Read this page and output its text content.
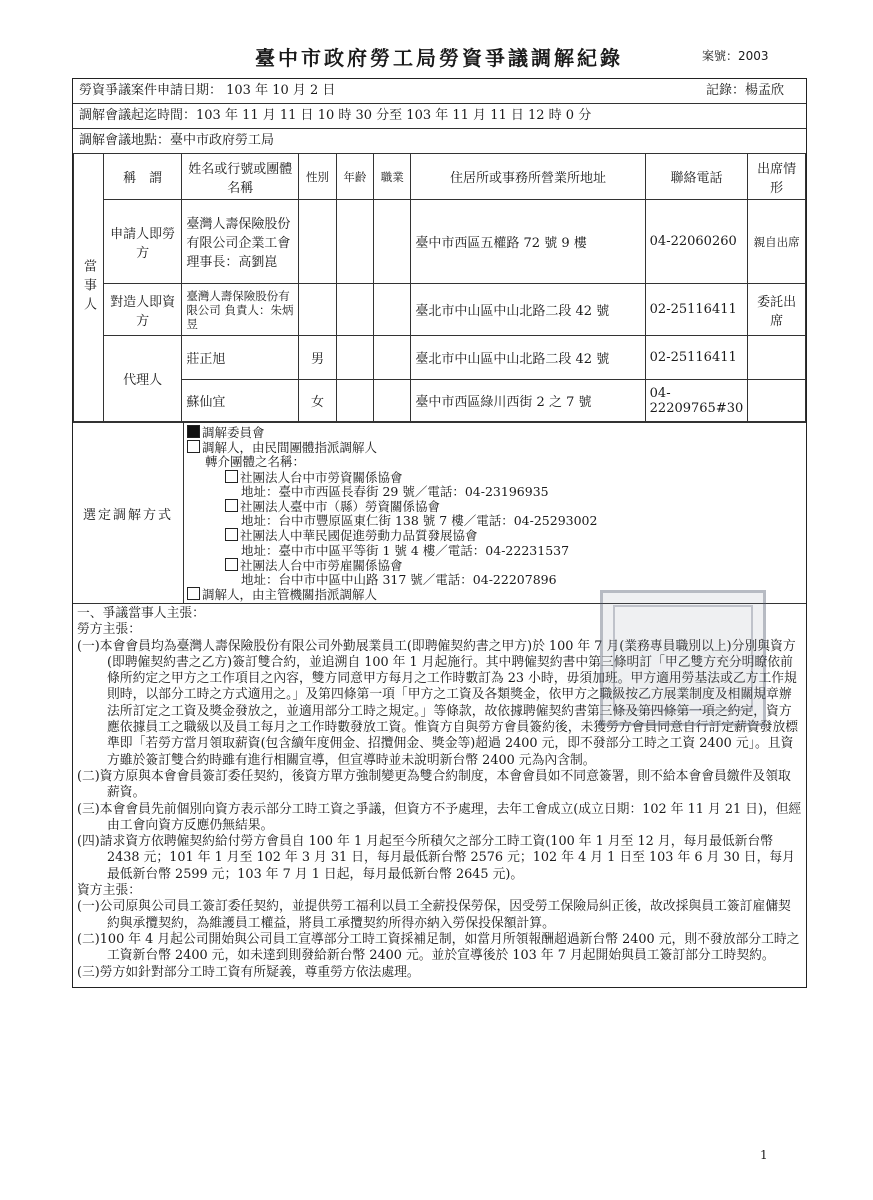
臺中市政府勞工局勞資爭議調解紀錄	案號：2003
勞資爭議案件申請日期： 103 年 10 月 2 日	記錄：楊孟欣
調解會議起迄時間：103 年 11 月 11 日 10 時 30 分至 103 年 11 月 11 日 12 時 0 分
調解會議地點：臺中市政府勞工局
當事人	稱　謂	姓名或行號或團體名稱	性別	年齡	職業	住居所或事務所營業所地址	聯絡電話	出席情形
	申請人即勞方	臺灣人壽保險股份有限公司企業工會 理事長：高劉崑				臺中市西區五權路 72 號 9 樓	04-22060260	親自出席
	對造人即資方	臺灣人壽保險股份有限公司 負責人：朱炳昱				臺北市中山區中山北路二段 42 號	02-25116411	委託出席
	代理人	莊正旭	男			臺北市中山區中山北路二段 42 號	02-25116411	
		蘇仙宜	女			臺中市西區綠川西街 2 之 7 號	04-22209765#30	
選定調解方式
調解委員會
調解人，由民間團體指派調解人
轉介團體之名稱：
社團法人台中市勞資關係協會
地址：臺中市西區長春街 29 號／電話：04-23196935
社團法人臺中市（縣）勞資關係協會
地址：台中市豐原區東仁街 138 號 7 樓／電話：04-25293002
社團法人中華民國促進勞動力品質發展協會
地址：臺中市中區平等街 1 號 4 樓／電話：04-22231537
社團法人台中市勞雇關係協會
地址：台中市中區中山路 317 號／電話：04-22207896
調解人，由主管機關指派調解人
一、爭議當事人主張：
勞方主張：
(一)本會會員均為臺灣人壽保險股份有限公司外勤展業員工(即聘僱契約書之甲方)於 100 年 7 月(業務專員職別以上)分別與資方(即聘僱契約書之乙方)簽訂雙合約，並追溯自 100 年 1 月起施行。其中聘僱契約書中第三條明訂「甲乙雙方充分明瞭依前條所約定之甲方之工作項目之內容，雙方同意甲方每月之工作時數訂為 23 小時，毋須加班。甲方適用勞基法或乙方工作規則時，以部分工時之方式適用之。」及第四條第一項「甲方之工資及各類獎金，依甲方之職級按乙方展業制度及相關規章辦法所訂定之工資及獎金發放之，並適用部分工時之規定。」等條款，故依據聘僱契約書第三條及第四條第一項之約定，資方應依據員工之職級以及員工每月之工作時數發放工資。惟資方自與勞方會員簽約後，未獲勞方會員同意自行訂定薪資發放標準即「若勞方當月領取薪資(包含續年度佣金、招攬佣金、獎金等)超過 2400 元，即不發部分工時之工資 2400 元」。且資方雖於簽訂雙合約時雖有進行相關宣導，但宣導時並未說明新台幣 2400 元為內含制。
(二)資方原與本會會員簽訂委任契約，後資方單方強制變更為雙合約制度，本會會員如不同意簽署，則不給本會會員繳件及領取薪資。
(三)本會會員先前個別向資方表示部分工時工資之爭議，但資方不予處理，去年工會成立(成立日期：102 年 11 月 21 日)，但經由工會向資方反應仍無結果。
(四)請求資方依聘僱契約給付勞方會員自 100 年 1 月起至今所積欠之部分工時工資(100 年 1 月至 12 月，每月最低新台幣 2438 元；101 年 1 月至 102 年 3 月 31 日，每月最低新台幣 2576 元；102 年 4 月 1 日至 103 年 6 月 30 日，每月最低新台幣 2599 元；103 年 7 月 1 日起，每月最低新台幣 2645 元)。
資方主張：
(一)公司原與公司員工簽訂委任契約，並提供勞工福利以員工全薪投保勞保，因受勞工保險局糾正後，故改採與員工簽訂雇傭契約與承攬契約，為維護員工權益，將員工承攬契約所得亦納入勞保投保額計算。
(二)100 年 4 月起公司開始與公司員工宣導部分工時工資採補足制，如當月所領報酬超過新台幣 2400 元，則不發放部分工時之工資新台幣 2400 元，如未達到則發給新台幣 2400 元。並於宣導後於 103 年 7 月起開始與員工簽訂部分工時契約。
(三)勞方如針對部分工時工資有所疑義，尊重勞方依法處理。
1
